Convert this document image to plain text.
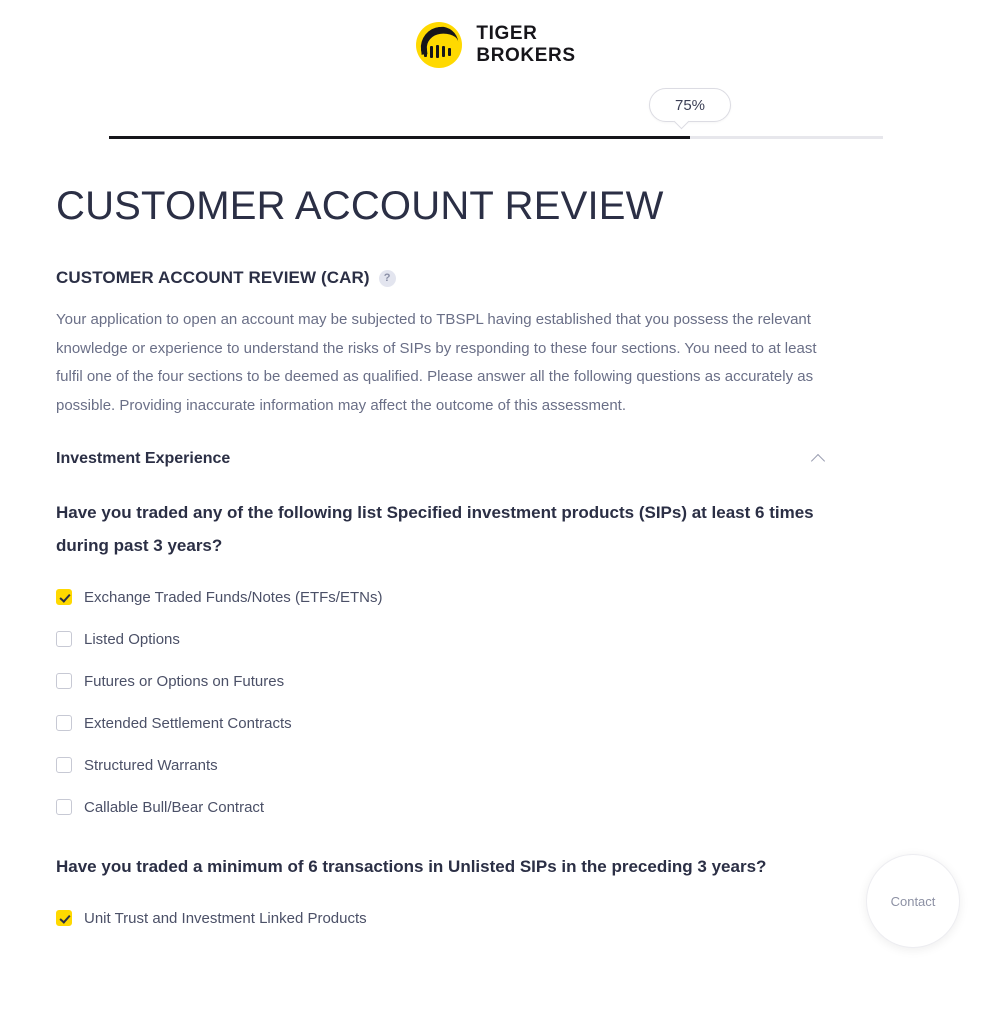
TIGER
BROKERS
75%
CUSTOMER ACCOUNT REVIEW
CUSTOMER ACCOUNT REVIEW (CAR)	?

Your application to open an account may be subjected to TBSPL having established that you possess the relevant knowledge or experience to understand the risks of SIPs by responding to these four sections. You need to at least fulfil one of the four sections to be deemed as qualified. Please answer all the following questions as accurately as possible. Providing inaccurate information may affect the outcome of this assessment.

Investment Experience
Have you traded any of the following list Specified investment products (SIPs) at least 6 times during past 3 years?
Exchange Traded Funds/Notes (ETFs/ETNs)
Listed Options
Futures or Options on Futures
Extended Settlement Contracts
Structured Warrants
Callable Bull/Bear Contract
Have you traded a minimum of 6 transactions in Unlisted SIPs in the preceding 3 years?
Unit Trust and Investment Linked Products
Contact
